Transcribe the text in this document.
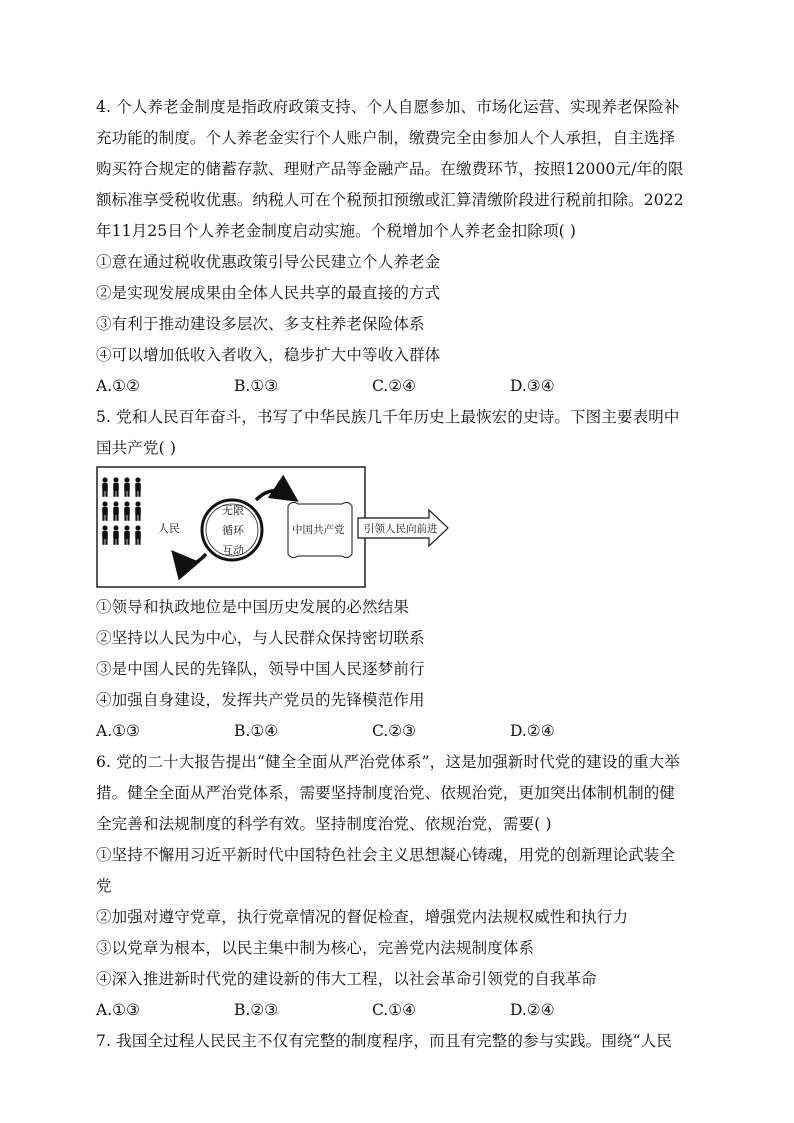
4. 个人养老金制度是指政府政策支持、个人自愿参加、市场化运营、实现养老保险补
充功能的制度。个人养老金实行个人账户制，缴费完全由参加人个人承担，自主选择
购买符合规定的储蓄存款、理财产品等金融产品。在缴费环节，按照12000元/年的限
额标准享受税收优惠。纳税人可在个税预扣预缴或汇算清缴阶段进行税前扣除。2022
年11月25日个人养老金制度启动实施。个税增加个人养老金扣除项( )
①意在通过税收优惠政策引导公民建立个人养老金
②是实现发展成果由全体人民共享的最直接的方式
③有利于推动建设多层次、多支柱养老保险体系
④可以增加低收入者收入，稳步扩大中等收入群体
A.①②	B.①③	C.②④	D.③④
5. 党和人民百年奋斗，书写了中华民族几千年历史上最恢宏的史诗。下图主要表明中
国共产党( )
人民
无限
循环
互动
中国共产党 引领人民向前进
①领导和执政地位是中国历史发展的必然结果
②坚持以人民为中心，与人民群众保持密切联系
③是中国人民的先锋队，领导中国人民逐梦前行
④加强自身建设，发挥共产党员的先锋模范作用
A.①③	B.①④	C.②③	D.②④
6. 党的二十大报告提出“健全全面从严治党体系”，这是加强新时代党的建设的重大举
措。健全全面从严治党体系，需要坚持制度治党、依规治党，更加突出体制机制的健
全完善和法规制度的科学有效。坚持制度治党、依规治党，需要( )
①坚持不懈用习近平新时代中国特色社会主义思想凝心铸魂，用党的创新理论武装全
党
②加强对遵守党章，执行党章情况的督促检查，增强党内法规权威性和执行力
③以党章为根本，以民主集中制为核心，完善党内法规制度体系
④深入推进新时代党的建设新的伟大工程，以社会革命引领党的自我革命
A.①③	B.②③	C.①④	D.②④
7. 我国全过程人民民主不仅有完整的制度程序，而且有完整的参与实践。围绕“人民
